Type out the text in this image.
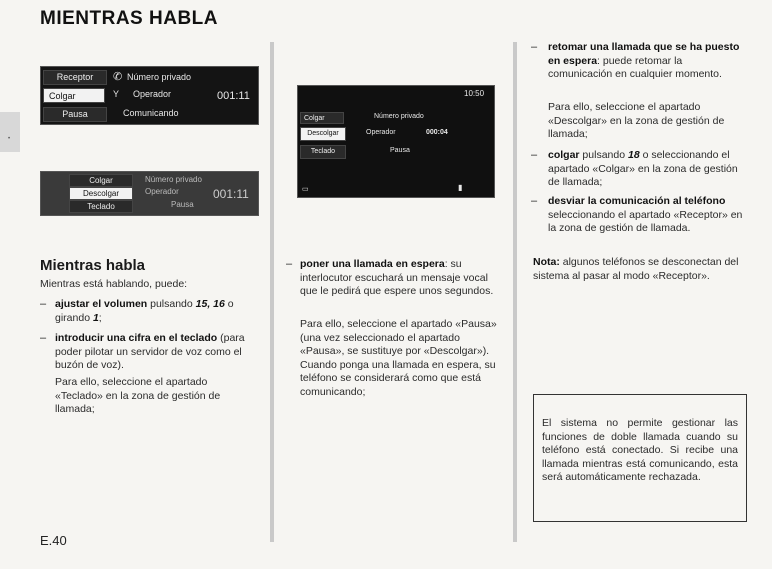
MIENTRAS HABLA
•
Receptor
Colgar
Pausa
✆ Número privado
Y Operador	001:11
Comunicando
Colgar
Descolgar
Teclado
Número privado
Operador	001:11
Pausa
10:50
Colgar
Descolgar
Teclado
Número privado
Operador	000:04
Pausa
▭	▮
Mientras habla
Mientras está hablando, puede:
– ajustar el volumen pulsando 15, 16 o girando 1;
– introducir una cifra en el teclado (para poder pilotar un servidor de voz como el buzón de voz).
Para ello, seleccione el apartado «Teclado» en la zona de gestión de llamada;
– poner una llamada en espera: su interlocutor escuchará un mensaje vocal que le pedirá que espere unos segundos.
Para ello, seleccione el apartado «Pausa» (una vez seleccionado el apartado «Pausa», se sustituye por «Descolgar»). Cuando ponga una llamada en espera, su teléfono se considerará como que está comunicando;
– retomar una llamada que se ha puesto en espera: puede retomar la comunicación en cualquier momento.
Para ello, seleccione el apartado «Descolgar» en la zona de gestión de llamada;
– colgar pulsando 18 o seleccionando el apartado «Colgar» en la zona de gestión de llamada;
– desviar la comunicación al teléfono seleccionando el apartado «Receptor» en la zona de gestión de llamada.
Nota: algunos teléfonos se desconectan del sistema al pasar al modo «Receptor».
El sistema no permite gestionar las funciones de doble llamada cuando su teléfono está conectado. Si recibe una llamada mientras está comunicando, esta será automáticamente rechazada.
E.40
